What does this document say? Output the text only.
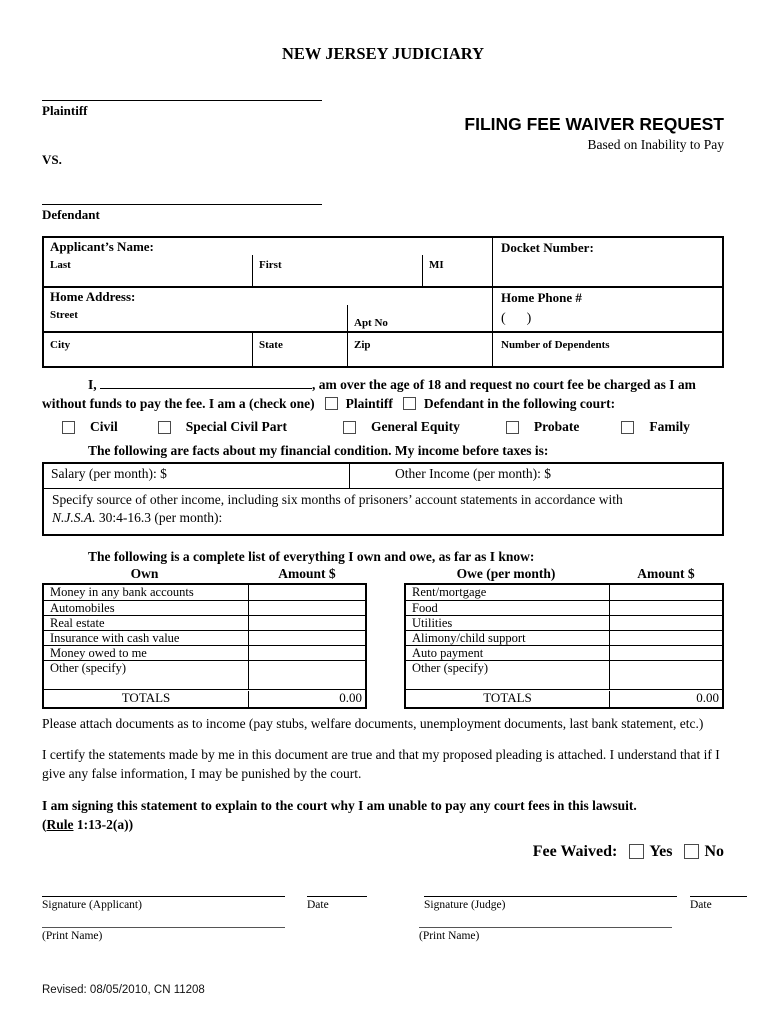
NEW JERSEY JUDICIARY
Plaintiff
VS.
Defendant
FILING FEE WAIVER REQUEST
Based on Inability to Pay
Applicant’s Name:
Last	First	MI
Docket Number:
Home Address:
Street
Apt No
Home Phone #
(      )
City	State	Zip	Number of Dependents
I,	, am over the age of 18 and request no court fee be charged as I am
without funds to pay the fee. I am a (check one) Plaintiff Defendant in the following court:
Civil	Special Civil Part	General Equity	Probate	Family
The following are facts about my financial condition. My income before taxes is:
Salary (per month): $	Other Income (per month): $
Specify source of other income, including six months of prisoners’ account statements in accordance with
N.J.S.A. 30:4-16.3 (per month):
The following is a complete list of everything I own and owe, as far as I know:
Own	Amount $
Money in any bank accounts
Automobiles
Real estate
Insurance with cash value
Money owed to me
Other (specify)
TOTALS	0.00
Owe (per month)	Amount $
Rent/mortgage
Food
Utilities
Alimony/child support
Auto payment
Other (specify)
TOTALS	0.00
Please attach documents as to income (pay stubs, welfare documents, unemployment documents, last bank statement, etc.)
I certify the statements made by me in this document are true and that my proposed pleading is attached. I understand that if I give any false information, I may be punished by the court.
I am signing this statement to explain to the court why I am unable to pay any court fees in this lawsuit.
(Rule 1:13-2(a))
Fee Waived: Yes No
Signature (Applicant)	Date	Signature (Judge)	Date
(Print Name)	(Print Name)
Revised: 08/05/2010, CN 11208
